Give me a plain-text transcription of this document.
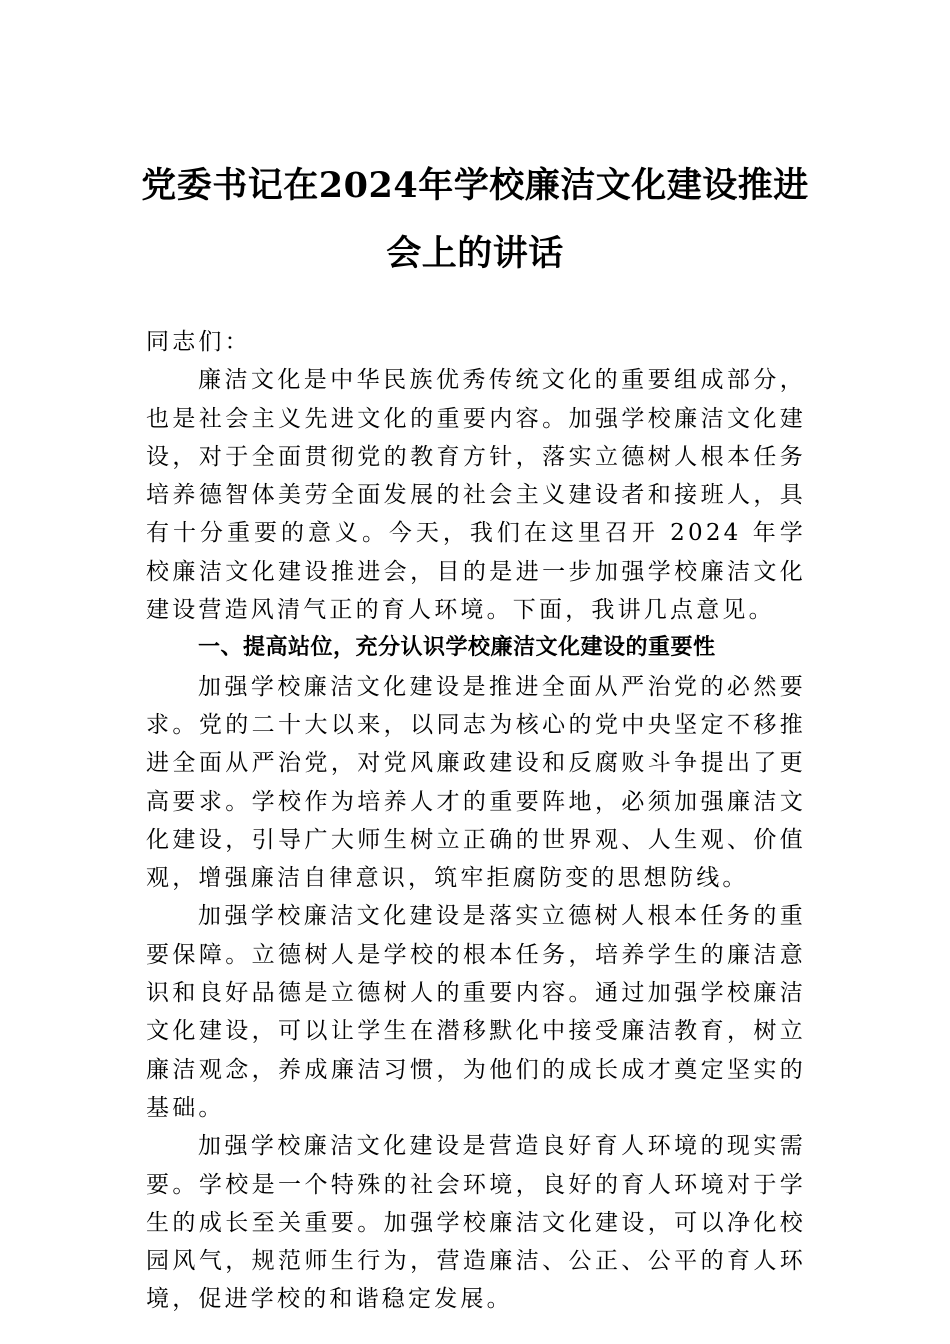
党委书记在2024年学校廉洁文化建设推进
会上的讲话

同志们：

廉洁文化是中华民族优秀传统文化的重要组成部分，也是社会主义先进文化的重要内容。加强学校廉洁文化建设，对于全面贯彻党的教育方针，落实立德树人根本任务培养德智体美劳全面发展的社会主义建设者和接班人，具有十分重要的意义。今天，我们在这里召开 2024 年学校廉洁文化建设推进会，目的是进一步加强学校廉洁文化建设营造风清气正的育人环境。下面，我讲几点意见。

一、提高站位，充分认识学校廉洁文化建设的重要性

加强学校廉洁文化建设是推进全面从严治党的必然要求。党的二十大以来，以同志为核心的党中央坚定不移推进全面从严治党，对党风廉政建设和反腐败斗争提出了更高要求。学校作为培养人才的重要阵地，必须加强廉洁文化建设，引导广大师生树立正确的世界观、人生观、价值观，增强廉洁自律意识，筑牢拒腐防变的思想防线。

加强学校廉洁文化建设是落实立德树人根本任务的重要保障。立德树人是学校的根本任务，培养学生的廉洁意识和良好品德是立德树人的重要内容。通过加强学校廉洁文化建设，可以让学生在潜移默化中接受廉洁教育，树立廉洁观念，养成廉洁习惯，为他们的成长成才奠定坚实的基础。

加强学校廉洁文化建设是营造良好育人环境的现实需要。学校是一个特殊的社会环境，良好的育人环境对于学生的成长至关重要。加强学校廉洁文化建设，可以净化校园风气，规范师生行为，营造廉洁、公正、公平的育人环境，促进学校的和谐稳定发展。
